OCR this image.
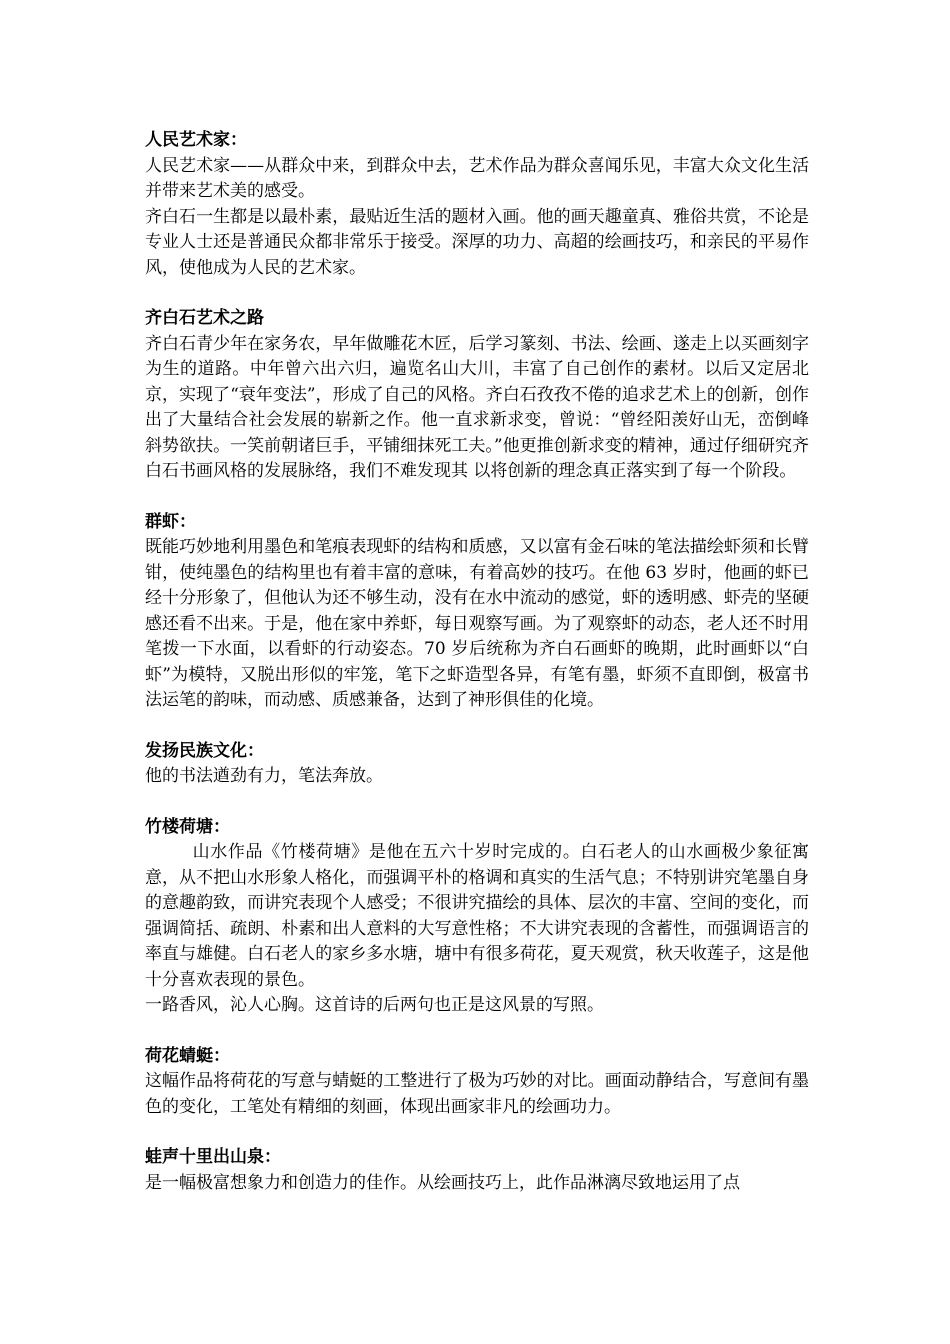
人民艺术家：

人民艺术家——从群众中来，到群众中去，艺术作品为群众喜闻乐见，丰富大众文化生活并带来艺术美的感受。

齐白石一生都是以最朴素，最贴近生活的题材入画。他的画天趣童真、雅俗共赏，不论是专业人士还是普通民众都非常乐于接受。深厚的功力、高超的绘画技巧，和亲民的平易作风，使他成为人民的艺术家。

齐白石艺术之路

齐白石青少年在家务农，早年做雕花木匠，后学习篆刻、书法、绘画、遂走上以买画刻字为生的道路。中年曾六出六归，遍览名山大川，丰富了自己创作的素材。以后又定居北京，实现了“衰年变法”，形成了自己的风格。齐白石孜孜不倦的追求艺术上的创新，创作出了大量结合社会发展的崭新之作。他一直求新求变，曾说：“曾经阳羡好山无，峦倒峰斜势欲扶。一笑前朝诸巨手，平铺细抹死工夫。”他更推创新求变的精神，通过仔细研究齐白石书画风格的发展脉络，我们不难发现其 以将创新的理念真正落实到了每一个阶段。

群虾：

既能巧妙地利用墨色和笔痕表现虾的结构和质感，又以富有金石味的笔法描绘虾须和长臂钳，使纯墨色的结构里也有着丰富的意味，有着高妙的技巧。在他 63 岁时，他画的虾已经十分形象了，但他认为还不够生动，没有在水中流动的感觉，虾的透明感、虾壳的坚硬感还看不出来。于是，他在家中养虾，每日观察写画。为了观察虾的动态，老人还不时用笔拨一下水面，以看虾的行动姿态。70 岁后统称为齐白石画虾的晚期，此时画虾以“白虾”为模特，又脱出形似的牢笼，笔下之虾造型各异，有笔有墨，虾须不直即倒，极富书法运笔的韵味，而动感、质感兼备，达到了神形俱佳的化境。

发扬民族文化：

他的书法遒劲有力，笔法奔放。

竹楼荷塘：

山水作品《竹楼荷塘》是他在五六十岁时完成的。白石老人的山水画极少象征寓意，从不把山水形象人格化，而强调平朴的格调和真实的生活气息；不特别讲究笔墨自身的意趣韵致，而讲究表现个人感受；不很讲究描绘的具体、层次的丰富、空间的变化，而强调简括、疏朗、朴素和出人意料的大写意性格；不大讲究表现的含蓄性，而强调语言的率直与雄健。白石老人的家乡多水塘，塘中有很多荷花，夏天观赏，秋天收莲子，这是他十分喜欢表现的景色。

一路香风，沁人心胸。这首诗的后两句也正是这风景的写照。

荷花蜻蜓：

这幅作品将荷花的写意与蜻蜓的工整进行了极为巧妙的对比。画面动静结合，写意间有墨色的变化，工笔处有精细的刻画，体现出画家非凡的绘画功力。

蛙声十里出山泉：

是一幅极富想象力和创造力的佳作。从绘画技巧上，此作品淋漓尽致地运用了点
